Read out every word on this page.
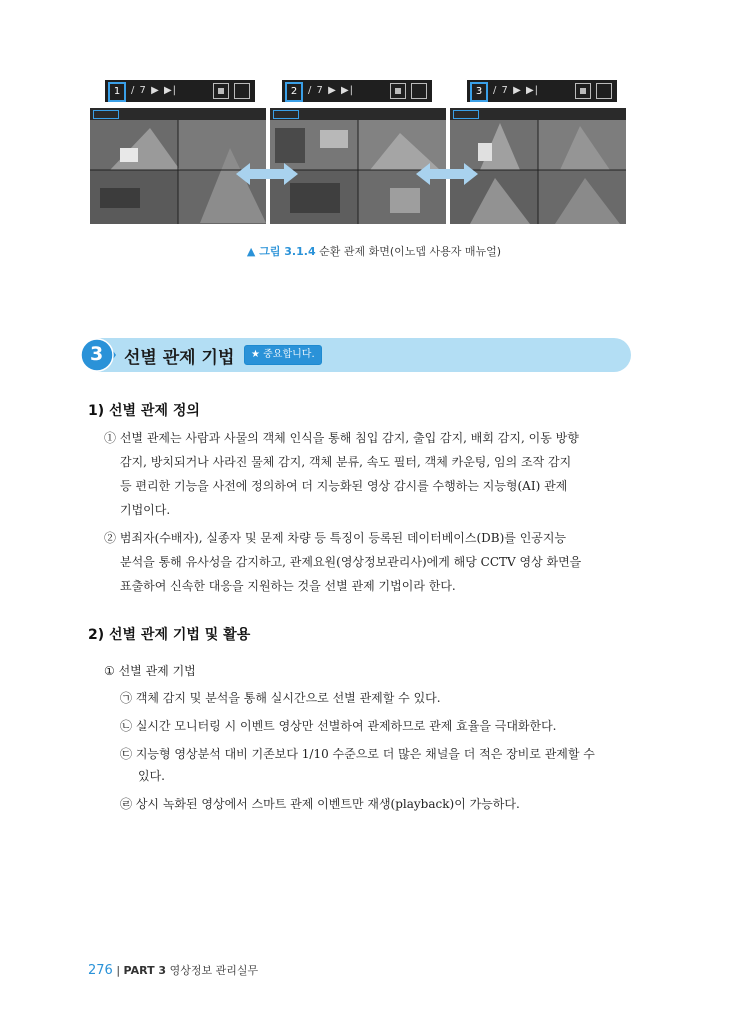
1	/ 7 ▶ ▶|	2	/ 7 ▶ ▶|	3	/ 7 ▶ ▶|
▲ 그림 3.1.4 순환 관제 화면(이노뎁 사용자 매뉴얼)
3 선별 관제 기법	★ 중요합니다.
1) 선별 관제 정의
① 선별 관제는 사람과 사물의 객체 인식을 통해 침입 감지, 출입 감지, 배회 감지, 이동 방향
감지, 방치되거나 사라진 물체 감지, 객체 분류, 속도 필터, 객체 카운팅, 임의 조작 감지
등 편리한 기능을 사전에 정의하여 더 지능화된 영상 감시를 수행하는 지능형(AI) 관제
기법이다.
② 범죄자(수배자), 실종자 및 문제 차량 등 특징이 등록된 데이터베이스(DB)를 인공지능
분석을 통해 유사성을 감지하고, 관제요원(영상정보관리사)에게 해당 CCTV 영상 화면을
표출하여 신속한 대응을 지원하는 것을 선별 관제 기법이라 한다.
2) 선별 관제 기법 및 활용
① 선별 관제 기법
㉠ 객체 감지 및 분석을 통해 실시간으로 선별 관제할 수 있다.
㉡ 실시간 모니터링 시 이벤트 영상만 선별하여 관제하므로 관제 효율을 극대화한다.
㉢ 지능형 영상분석 대비 기존보다 1/10 수준으로 더 많은 채널을 더 적은 장비로 관제할 수
있다.
㉣ 상시 녹화된 영상에서 스마트 관제 이벤트만 재생(playback)이 가능하다.
276 | PART 3 영상정보 관리실무
